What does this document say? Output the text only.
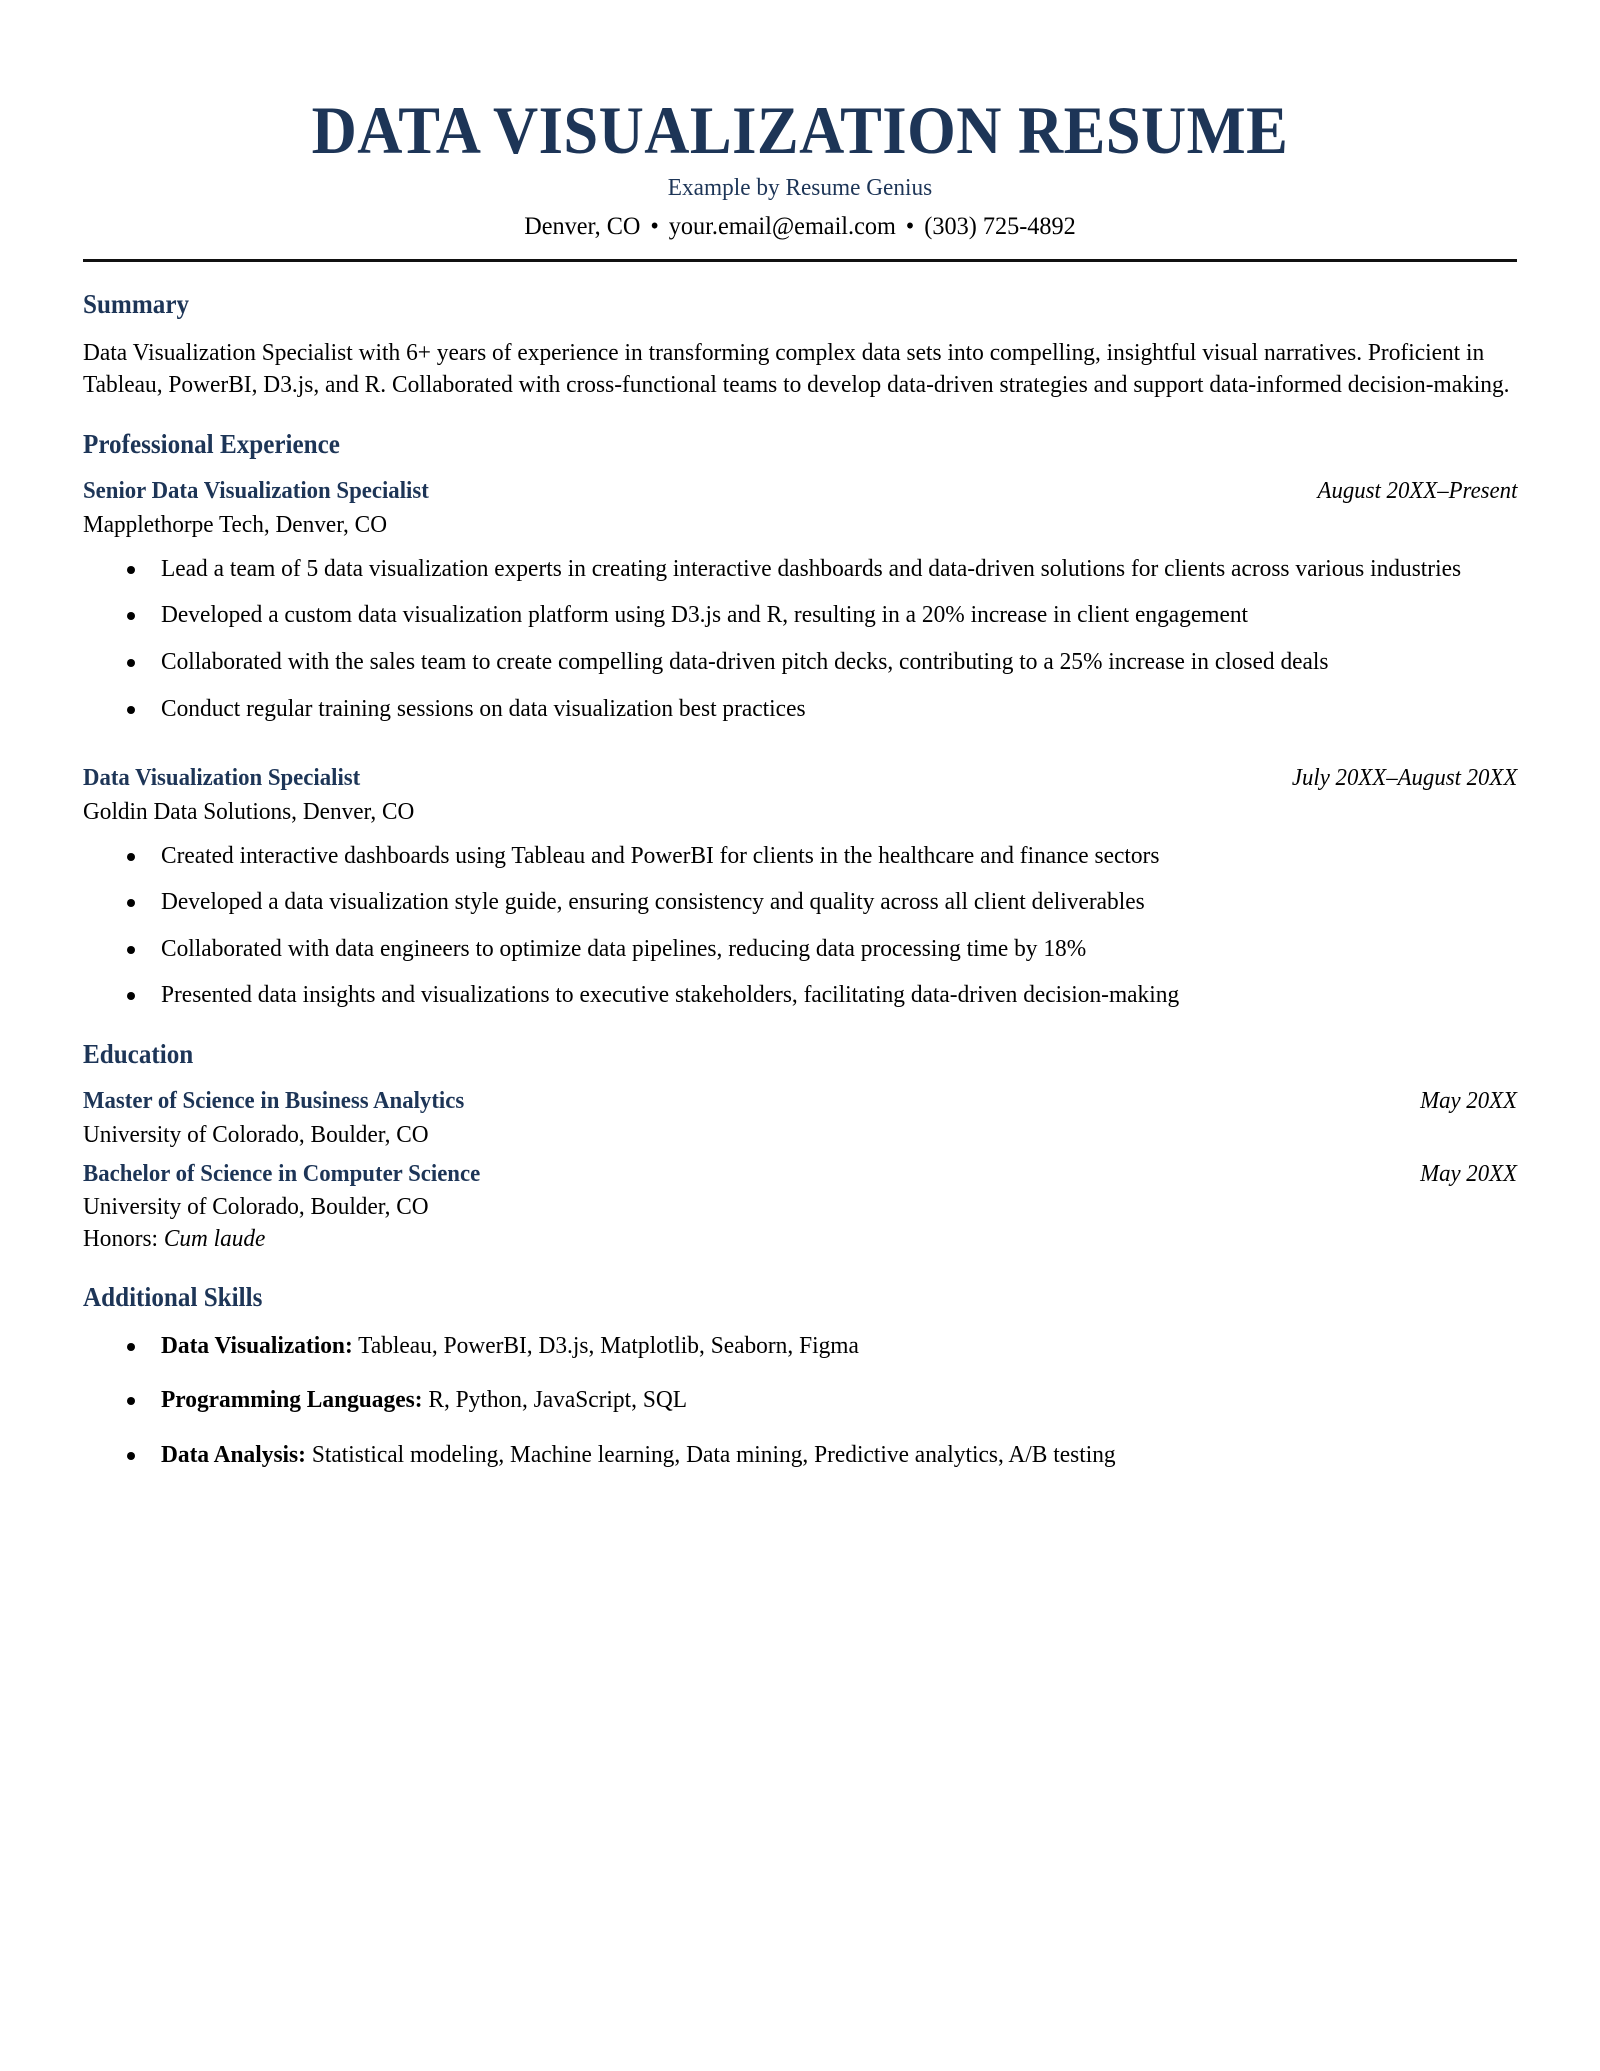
DATA VISUALIZATION RESUME
Example by Resume Genius
Denver, CO • your.email@email.com • (303) 725-4892
Summary

Data Visualization Specialist with 6+ years of experience in transforming complex data sets into compelling, insightful visual narratives. Proficient in Tableau, PowerBI, D3.js, and R. Collaborated with cross-functional teams to develop data-driven strategies and support data-informed decision-making.

Professional Experience
Senior Data Visualization Specialist	August 20XX–Present
Mapplethorpe Tech, Denver, CO
Lead a team of 5 data visualization experts in creating interactive dashboards and data-driven solutions for clients across various industries
Developed a custom data visualization platform using D3.js and R, resulting in a 20% increase in client engagement
Collaborated with the sales team to create compelling data-driven pitch decks, contributing to a 25% increase in closed deals
Conduct regular training sessions on data visualization best practices
Data Visualization Specialist	July 20XX–August 20XX
Goldin Data Solutions, Denver, CO
Created interactive dashboards using Tableau and PowerBI for clients in the healthcare and finance sectors
Developed a data visualization style guide, ensuring consistency and quality across all client deliverables
Collaborated with data engineers to optimize data pipelines, reducing data processing time by 18%
Presented data insights and visualizations to executive stakeholders, facilitating data-driven decision-making
Education
Master of Science in Business Analytics	May 20XX
University of Colorado, Boulder, CO
Bachelor of Science in Computer Science	May 20XX
University of Colorado, Boulder, CO
Honors: Cum laude
Additional Skills
Data Visualization: Tableau, PowerBI, D3.js, Matplotlib, Seaborn, Figma
Programming Languages: R, Python, JavaScript, SQL
Data Analysis: Statistical modeling, Machine learning, Data mining, Predictive analytics, A/B testing
